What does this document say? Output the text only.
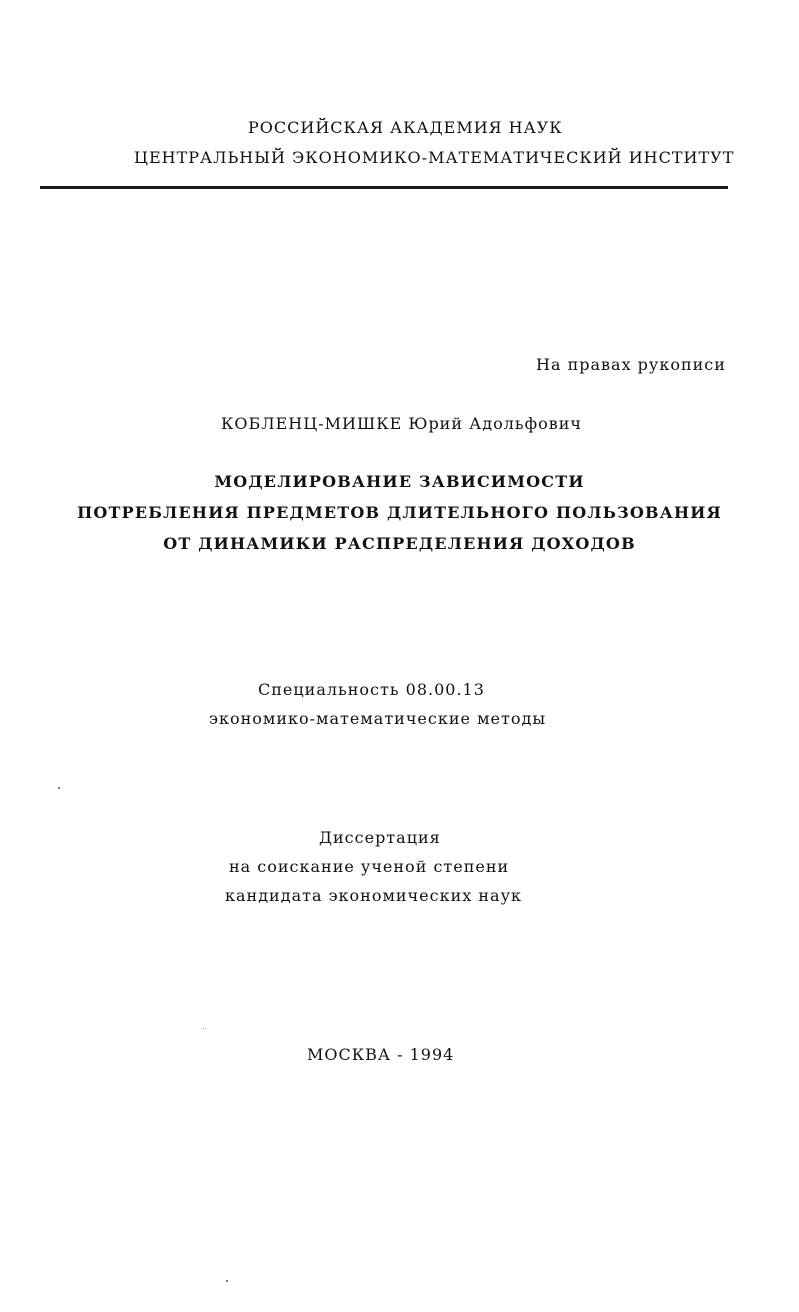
РОССИЙСКАЯ АКАДЕМИЯ НАУК
ЦЕНТРАЛЬНЫЙ ЭКОНОМИКО-МАТЕМАТИЧЕСКИЙ ИНСТИТУТ
На правах рукописи
КОБЛЕНЦ-МИШКЕ Юрий Адольфович
МОДЕЛИРОВАНИЕ ЗАВИСИМОСТИ
ПОТРЕБЛЕНИЯ ПРЕДМЕТОВ ДЛИТЕЛЬНОГО ПОЛЬЗОВАНИЯ
ОТ ДИНАМИКИ РАСПРЕДЕЛЕНИЯ ДОХОДОВ
Специальность 08.00.13
экономико-математические методы
Диссертация
на соискание ученой степени
кандидата экономических наук
МОСКВА - 1994
